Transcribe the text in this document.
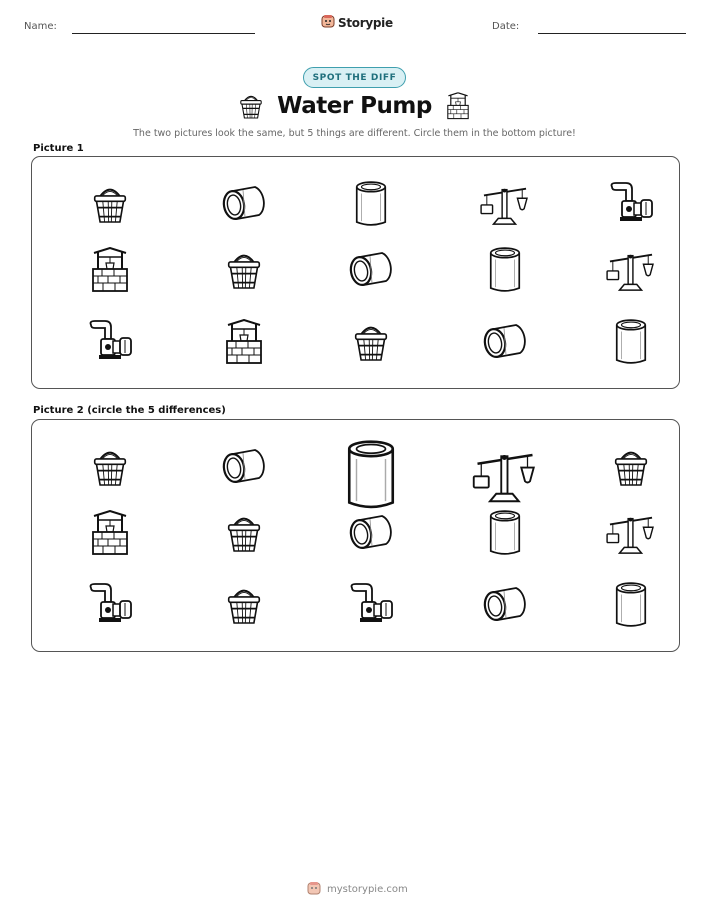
Name:	Date:
Storypie
SPOT THE DIFF
Water Pump
The two pictures look the same, but 5 things are different. Circle them in the bottom picture!
Picture 1
Picture 2 (circle the 5 differences)
mystorypie.com
